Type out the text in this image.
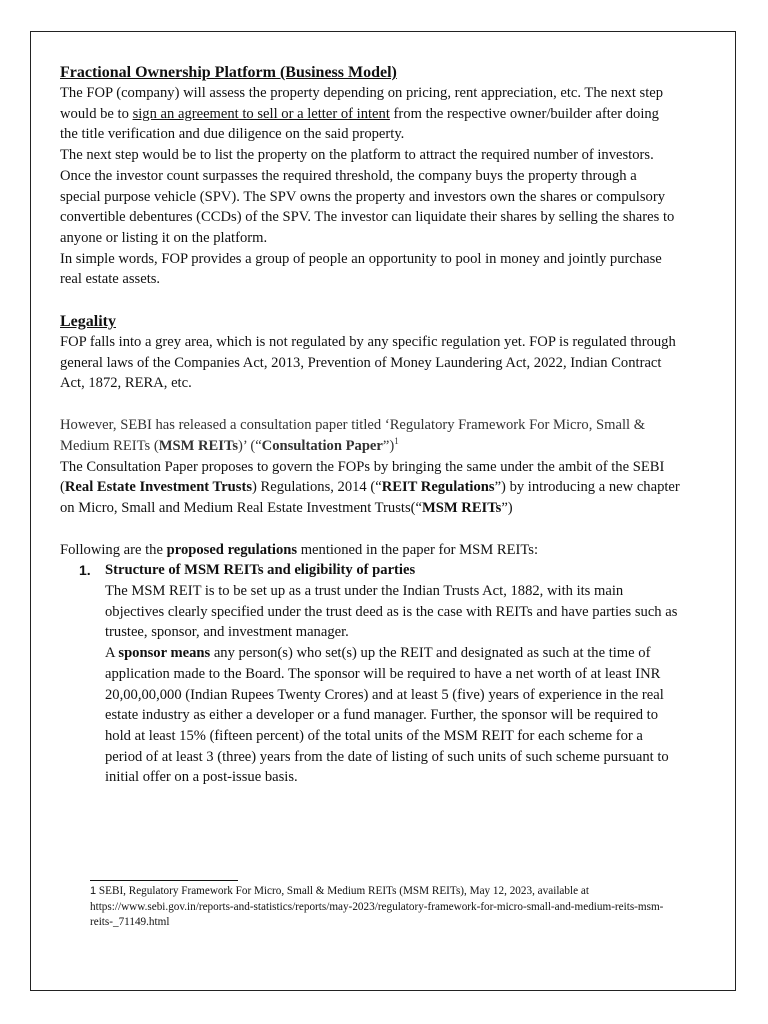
Fractional Ownership Platform (Business Model)

The FOP (company) will assess the property depending on pricing, rent appreciation, etc. The next step would be to sign an agreement to sell or a letter of intent from the respective owner/builder after doing the title verification and due diligence on the said property.

The next step would be to list the property on the platform to attract the required number of investors. Once the investor count surpasses the required threshold, the company buys the property through a special purpose vehicle (SPV). The SPV owns the property and investors own the shares or compulsory convertible debentures (CCDs) of the SPV. The investor can liquidate their shares by selling the shares to anyone or listing it on the platform.

In simple words, FOP provides a group of people an opportunity to pool in money and jointly purchase real estate assets.

Legality

FOP falls into a grey area, which is not regulated by any specific regulation yet. FOP is regulated through general laws of the Companies Act, 2013, Prevention of Money Laundering Act, 2022, Indian Contract Act, 1872, RERA, etc.

However, SEBI has released a consultation paper titled ‘Regulatory Framework For Micro, Small & Medium REITs (MSM REITs)’ (“Consultation Paper”)$^1$

The Consultation Paper proposes to govern the FOPs by bringing the same under the ambit of the SEBI (Real Estate Investment Trusts) Regulations, 2014 (“REIT Regulations”) by introducing a new chapter on Micro, Small and Medium Real Estate Investment Trusts(“MSM REITs”)

Following are the proposed regulations mentioned in the paper for MSM REITs:

1. Structure of MSM REITs and eligibility of parties

The MSM REIT is to be set up as a trust under the Indian Trusts Act, 1882, with its main objectives clearly specified under the trust deed as is the case with REITs and have parties such as trustee, sponsor, and investment manager.

A sponsor means any person(s) who set(s) up the REIT and designated as such at the time of application made to the Board. The sponsor will be required to have a net worth of at least INR 20,00,00,000 (Indian Rupees Twenty Crores) and at least 5 (five) years of experience in the real estate industry as either a developer or a fund manager. Further, the sponsor will be required to hold at least 15% (fifteen percent) of the total units of the MSM REIT for each scheme for a period of at least 3 (three) years from the date of listing of such units of such scheme pursuant to initial offer on a post-issue basis.

1 SEBI, Regulatory Framework For Micro, Small & Medium REITs (MSM REITs), May 12, 2023, available at https://www.sebi.gov.in/reports-and-statistics/reports/may-2023/regulatory-framework-for-micro-small-and-medium-reits-msm-reits-_71149.html
